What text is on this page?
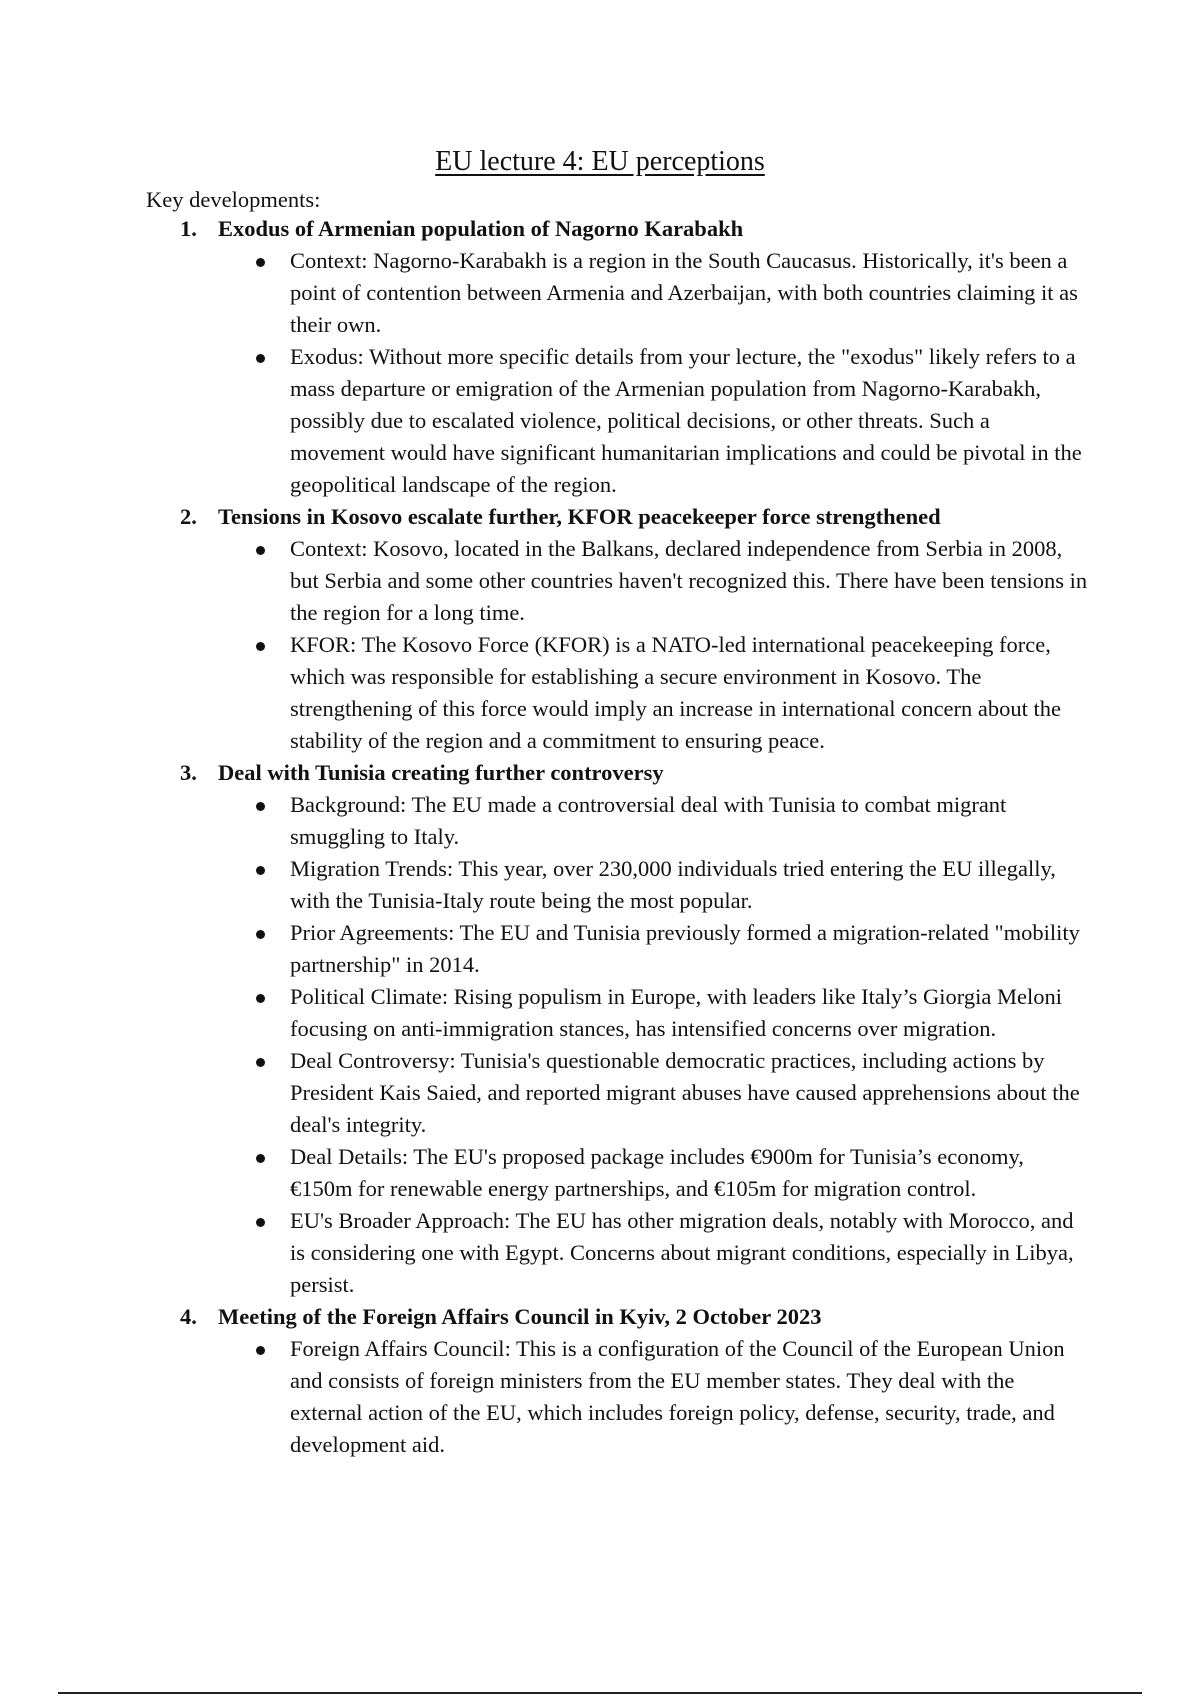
EU lecture 4: EU perceptions

Key developments:

1. Exodus of Armenian population of Nagorno Karabakh
Context: Nagorno-Karabakh is a region in the South Caucasus. Historically, it's been a point of contention between Armenia and Azerbaijan, with both countries claiming it as their own.
Exodus: Without more specific details from your lecture, the "exodus" likely refers to a mass departure or emigration of the Armenian population from Nagorno-Karabakh, possibly due to escalated violence, political decisions, or other threats. Such a movement would have significant humanitarian implications and could be pivotal in the geopolitical landscape of the region.
2. Tensions in Kosovo escalate further, KFOR peacekeeper force strengthened
Context: Kosovo, located in the Balkans, declared independence from Serbia in 2008, but Serbia and some other countries haven't recognized this. There have been tensions in the region for a long time.
KFOR: The Kosovo Force (KFOR) is a NATO-led international peacekeeping force, which was responsible for establishing a secure environment in Kosovo. The strengthening of this force would imply an increase in international concern about the stability of the region and a commitment to ensuring peace.
3. Deal with Tunisia creating further controversy
Background: The EU made a controversial deal with Tunisia to combat migrant smuggling to Italy.
Migration Trends: This year, over 230,000 individuals tried entering the EU illegally, with the Tunisia-Italy route being the most popular.
Prior Agreements: The EU and Tunisia previously formed a migration-related "mobility partnership" in 2014.
Political Climate: Rising populism in Europe, with leaders like Italy’s Giorgia Meloni focusing on anti-immigration stances, has intensified concerns over migration.
Deal Controversy: Tunisia's questionable democratic practices, including actions by President Kais Saied, and reported migrant abuses have caused apprehensions about the deal's integrity.
Deal Details: The EU's proposed package includes €900m for Tunisia’s economy, €150m for renewable energy partnerships, and €105m for migration control.
EU's Broader Approach: The EU has other migration deals, notably with Morocco, and is considering one with Egypt. Concerns about migrant conditions, especially in Libya, persist.
4. Meeting of the Foreign Affairs Council in Kyiv, 2 October 2023
Foreign Affairs Council: This is a configuration of the Council of the European Union and consists of foreign ministers from the EU member states. They deal with the external action of the EU, which includes foreign policy, defense, security, trade, and development aid.
